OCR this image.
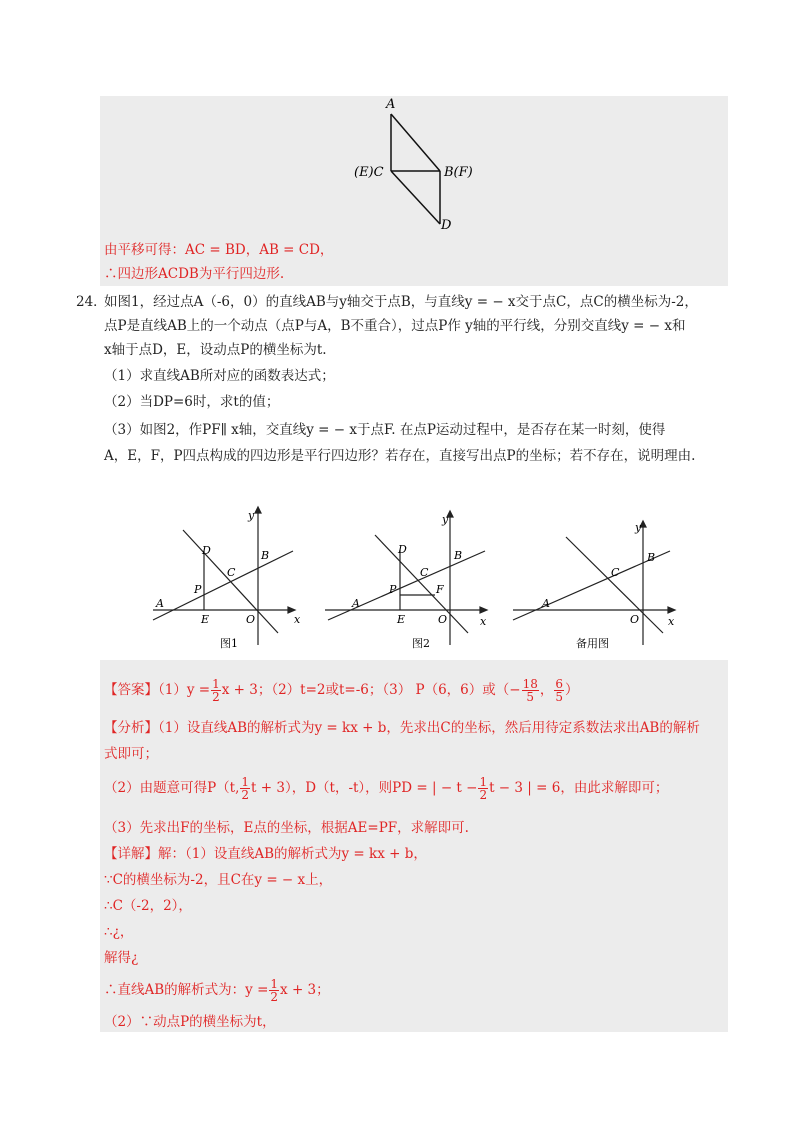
A
(E)C	B(F)
D
由平移可得：AC = BD，AB = CD，
∴四边形ACDB为平行四边形.
24．
如图1，经过点A（-6，0）的直线AB与y轴交于点B，与直线y = − x交于点C，点C的横坐标为-2，
点P是直线AB上的一个动点（点P与A，B不重合），过点P作 y轴的平行线，分别交直线y = − x和
x轴于点D，E，设动点P的横坐标为t.
（1）求直线AB所对应的函数表达式；
（2）当DP=6时，求t的值；
（3）如图2，作PF∥ x轴，交直线y = − x于点F. 在点P运动过程中，是否存在某一时刻，使得
A，E，F，P四点构成的四边形是平行四边形？若存在，直接写出点P的坐标；若不存在，说明理由.
y
x
O
A
B
C
D
P
E
图1
y
x
O
A
B
C
D
P	F
E
图2
y
x
O
A
B
C
备用图
【答案】$(1)y = \frac{1}{2}$ x + 3；（2）t=2或t=-6；（3） P（6，6）或（− $\frac{18}{5}$ ， $\frac{6}{5}$ ）
【分析】（1）设直线AB的解析式为y = kx + b，先求出C的坐标，然后用待定系数法求出AB的解析
式即可；
（2）由题意可得P（t, $\frac{1}{2}$ t + 3），D（t，-t），则PD = | − $t - \frac{1}{2}$ t − 3 | = 6，由此求解即可；
（3）先求出F的坐标，E点的坐标，根据AE=PF，求解即可.
【详解】解：（1）设直线AB的解析式为y = kx + b，
∵C的横坐标为-2，且C在y = − x上，
∴C（-2，2），
∴¿，
解得¿
∴直线AB的解析式为：$y = \frac{1}{2}$ x + 3；
（2）∵动点P的横坐标为t，
